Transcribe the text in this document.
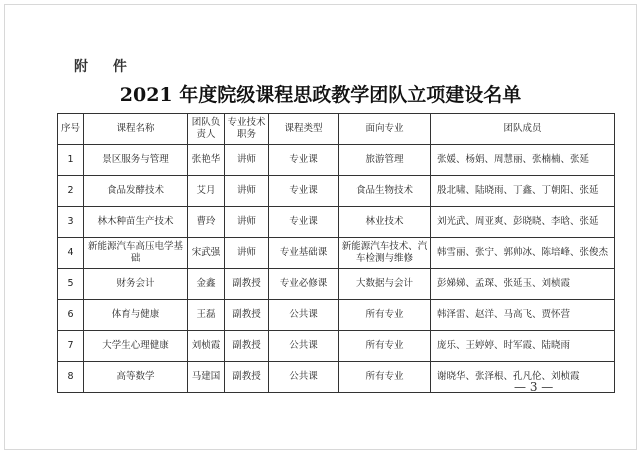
附 件
2021 年度院级课程思政教学团队立项建设名单
序号	课程名称	团队负责人	专业技术职务	课程类型	面向专业	团队成员
1	景区服务与管理	张艳华	讲师	专业课	旅游管理	张媛、杨娟、周慧丽、张楠楠、张延
2	食品发酵技术	艾月	讲师	专业课	食品生物技术	殷北啸、陆晓雨、丁鑫、丁朝阳、张延
3	林木种苗生产技术	曹玲	讲师	专业课	林业技术	刘光武、周亚爽、彭晓晓、李晗、张延
4	新能源汽车高压电学基础	宋武强	讲师	专业基础课	新能源汽车技术、汽车检测与维修	韩雪丽、张宁、郭帅冰、陈培峰、张俊杰
5	财务会计	金鑫	副教授	专业必修课	大数据与会计	彭娣娣、孟琛、张延玉、刘桢霞
6	体育与健康	王磊	副教授	公共课	所有专业	韩泽雷、赵洋、马高飞、贾怀营
7	大学生心理健康	刘桢霞	副教授	公共课	所有专业	庞乐、王婷婷、时军霞、陆晓雨
8	高等数学	马建国	副教授	公共课	所有专业	谢晓华、张泽根、孔凡伦、刘桢霞
— 3 —
